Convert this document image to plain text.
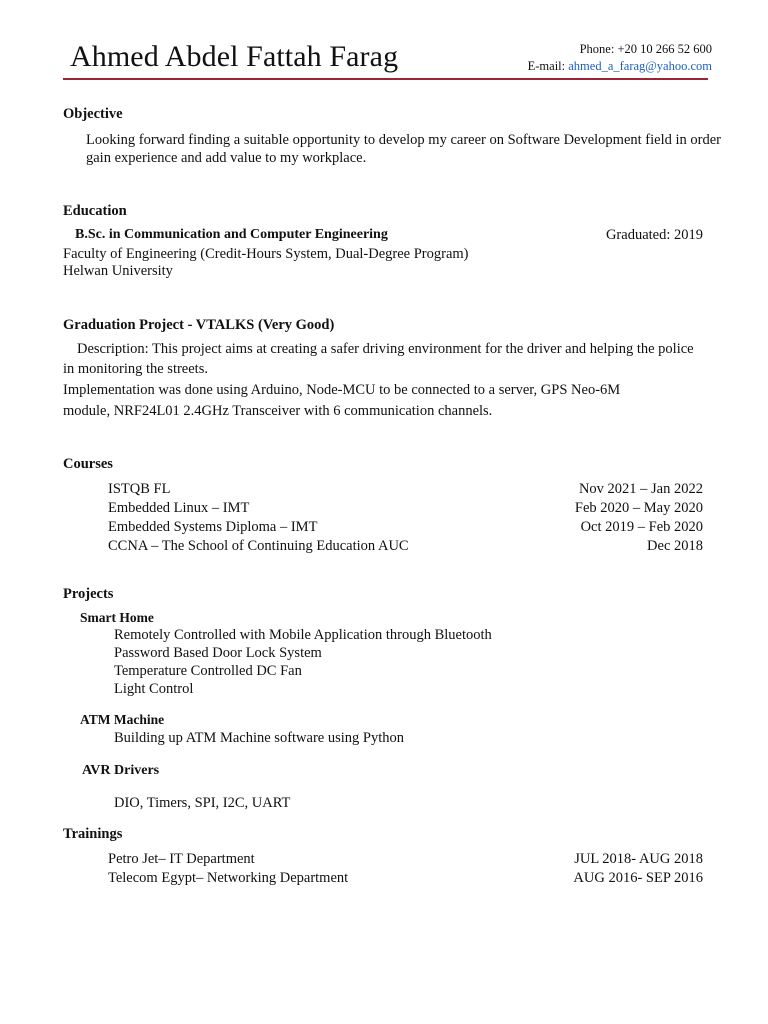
Ahmed Abdel Fattah Farag	Phone: +20 10 266 52 600
E-mail: ahmed_a_farag@yahoo.com
Objective
Looking forward finding a suitable opportunity to develop my career on Software Development field in order
gain experience and add value to my workplace.
Education
B.Sc. in Communication and Computer Engineering	Graduated: 2019
Faculty of Engineering (Credit-Hours System, Dual-Degree Program)
Helwan University
Graduation Project - VTALKS (Very Good)
Description: This project aims at creating a safer driving environment for the driver and helping the police
in monitoring the streets.
Implementation was done using Arduino, Node-MCU to be connected to a server, GPS Neo-6M
module, NRF24L01 2.4GHz Transceiver with 6 communication channels.
Courses
ISTQB FL	Nov 2021 – Jan 2022
Embedded Linux – IMT	Feb 2020 – May 2020
Embedded Systems Diploma – IMT	Oct 2019 – Feb 2020
CCNA – The School of Continuing Education AUC	Dec 2018
Projects
Smart Home
Remotely Controlled with Mobile Application through Bluetooth
Password Based Door Lock System
Temperature Controlled DC Fan
Light Control
ATM Machine
Building up ATM Machine software using Python
AVR Drivers
DIO, Timers, SPI, I2C, UART
Trainings
Petro Jet– IT Department	JUL 2018- AUG 2018
Telecom Egypt– Networking Department	AUG 2016- SEP 2016
